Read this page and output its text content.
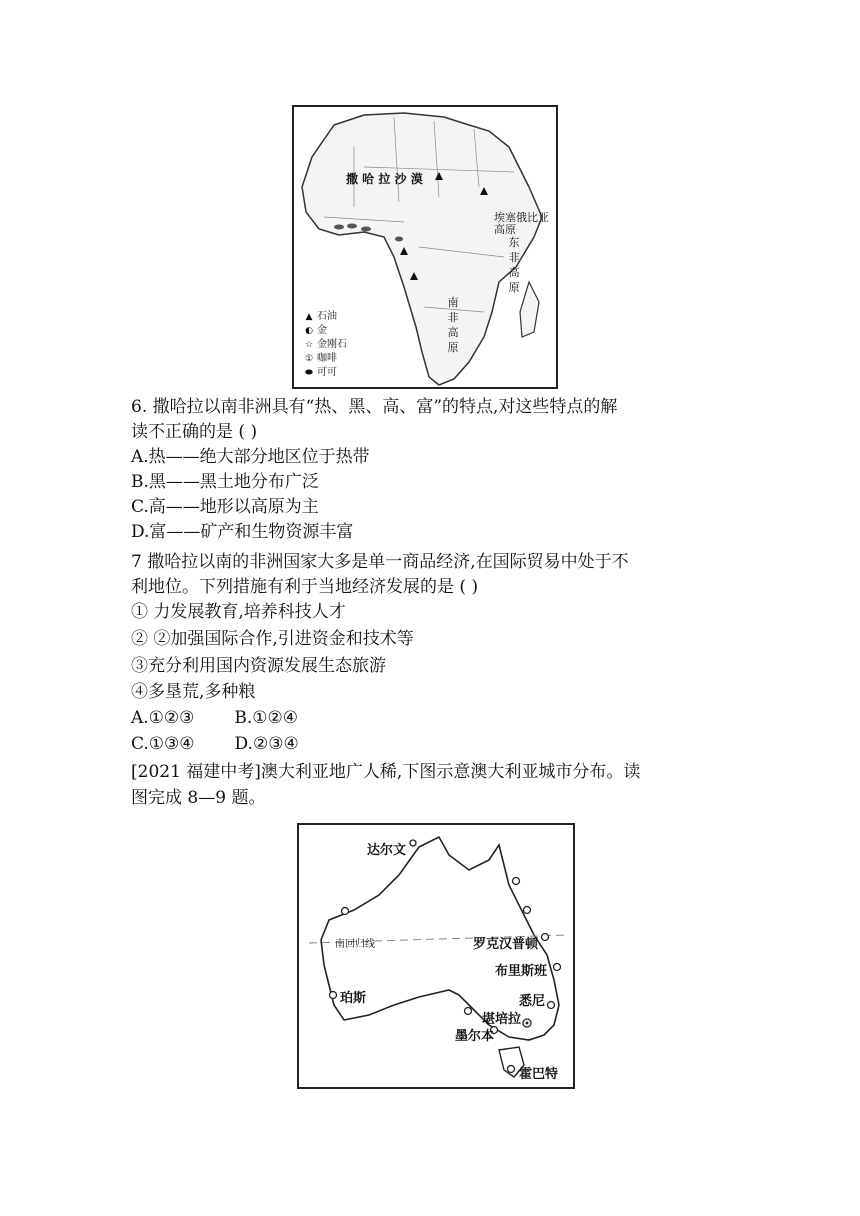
撒 哈 拉 沙 漠
埃塞俄比亚
高原
东非高原
南非高原
▲ 石油
◐ 金
☆ 金刚石
① 咖啡
⬬ 可可
6. 撒哈拉以南非洲具有“热、黑、高、富”的特点,对这些特点的解
读不正确的是 ( )
A.热——绝大部分地区位于热带
B.黑——黑土地分布广泛
C.高——地形以高原为主
D.富——矿产和生物资源丰富
7 撒哈拉以南的非洲国家大多是单一商品经济,在国际贸易中处于不
利地位。下列措施有利于当地经济发展的是 ( )
① 力发展教育,培养科技人才
② ②加强国际合作,引进资金和技术等
③充分利用国内资源发展生态旅游
④多垦荒,多种粮
A.①②③ B.①②④
C.①③④ D.②③④
[2021 福建中考]澳大利亚地广人稀,下图示意澳大利亚城市分布。读
图完成 8—9 题。
达尔文
南回归线	罗克汉普顿
布里斯班
珀斯	悉尼
堪培拉
墨尔本
霍巴特
